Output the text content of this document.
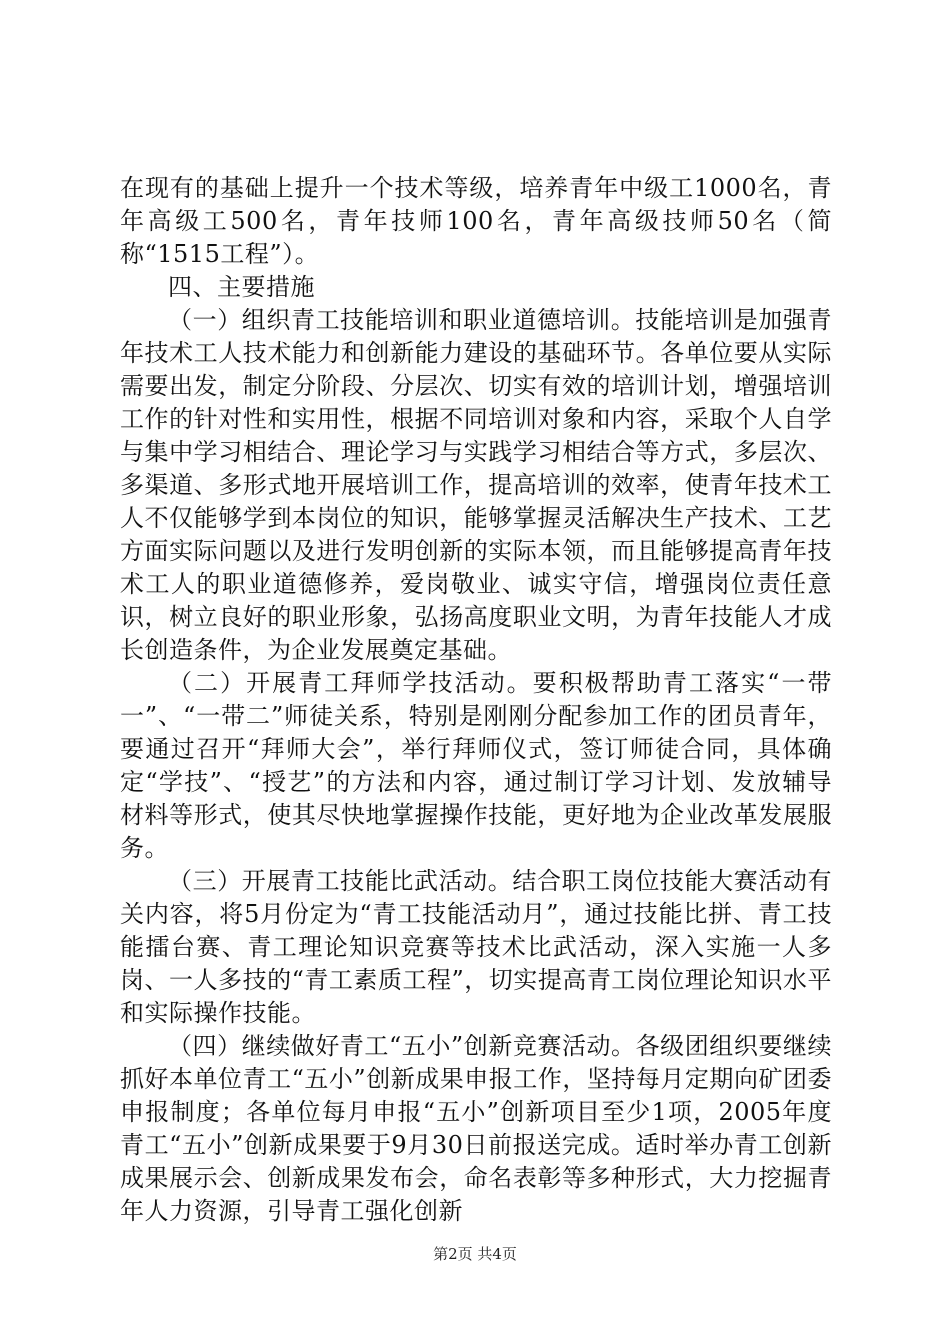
在现有的基础上提升一个技术等级，培养青年中级工1000名，青年高级工500名，青年技师100名，青年高级技师50名（简称“1515工程”）。

四、主要措施

（一）组织青工技能培训和职业道德培训。技能培训是加强青年技术工人技术能力和创新能力建设的基础环节。各单位要从实际需要出发，制定分阶段、分层次、切实有效的培训计划，增强培训工作的针对性和实用性，根据不同培训对象和内容，采取个人自学与集中学习相结合、理论学习与实践学习相结合等方式，多层次、多渠道、多形式地开展培训工作，提高培训的效率，使青年技术工人不仅能够学到本岗位的知识，能够掌握灵活解决生产技术、工艺方面实际问题以及进行发明创新的实际本领，而且能够提高青年技术工人的职业道德修养，爱岗敬业、诚实守信，增强岗位责任意识，树立良好的职业形象，弘扬高度职业文明，为青年技能人才成长创造条件，为企业发展奠定基础。

（二）开展青工拜师学技活动。要积极帮助青工落实“一带一”、“一带二”师徒关系，特别是刚刚分配参加工作的团员青年，要通过召开“拜师大会”，举行拜师仪式，签订师徒合同，具体确定“学技”、“授艺”的方法和内容，通过制订学习计划、发放辅导材料等形式，使其尽快地掌握操作技能，更好地为企业改革发展服务。

（三）开展青工技能比武活动。结合职工岗位技能大赛活动有关内容，将5月份定为“青工技能活动月”，通过技能比拼、青工技能擂台赛、青工理论知识竞赛等技术比武活动，深入实施一人多岗、一人多技的“青工素质工程”，切实提高青工岗位理论知识水平和实际操作技能。

（四）继续做好青工“五小”创新竞赛活动。各级团组织要继续抓好本单位青工“五小”创新成果申报工作，坚持每月定期向矿团委申报制度；各单位每月申报“五小”创新项目至少1项，2005年度青工“五小”创新成果要于9月30日前报送完成。适时举办青工创新成果展示会、创新成果发布会，命名表彰等多种形式，大力挖掘青年人力资源，引导青工强化创新

第2页 共4页
